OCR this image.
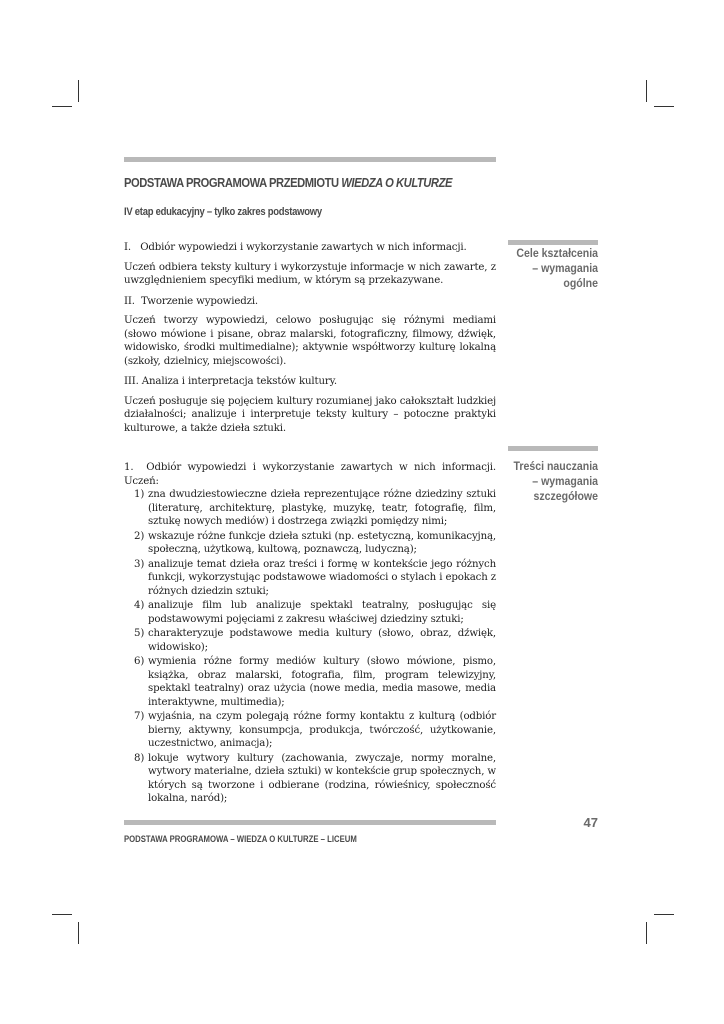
PODSTAWA PROGRAMOWA PRZEDMIOTU WIEDZA O KULTURZE
IV etap edukacyjny – tylko zakres podstawowy
Cele kształcenia
– wymagania
ogólne

I.   Odbiór wypowiedzi i wykorzystanie zawartych w nich informacji.

Uczeń odbiera teksty kultury i wykorzystuje informacje w nich zawarte, z uwzględnieniem specyfiki medium, w którym są przekazywane.

II.  Tworzenie wypowiedzi.

Uczeń tworzy wypowiedzi, celowo posługując się różnymi mediami (słowo mówione i pisane, obraz malarski, fotograficzny, filmowy, dźwięk, widowisko, środki multimedialne); aktywnie współtworzy kulturę lokalną (szkoły, dzielnicy, miejscowości).

III. Analiza i interpretacja tekstów kultury.

Uczeń posługuje się pojęciem kultury rozumianej jako całokształt ludzkiej działalności; analizuje i interpretuje teksty kultury – potoczne praktyki kulturowe, a także dzieła sztuki.

Treści nauczania
– wymagania
szczegółowe

1.  Odbiór wypowiedzi i wykorzystanie zawartych w nich informacji. Uczeń:

1) zna dwudziestowieczne dzieła reprezentujące różne dziedziny sztuki (literaturę, architekturę, plastykę, muzykę, teatr, fotografię, film, sztukę nowych mediów) i dostrzega związki pomiędzy nimi;
2) wskazuje różne funkcje dzieła sztuki (np. estetyczną, komunikacyjną, społeczną, użytkową, kultową, poznawczą, ludyczną);
3) analizuje temat dzieła oraz treści i formę w kontekście jego różnych funkcji, wykorzystując podstawowe wiadomości o stylach i epokach z różnych dziedzin sztuki;
4) analizuje film lub analizuje spektakl teatralny, posługując się podstawowymi pojęciami z zakresu właściwej dziedziny sztuki;
5) charakteryzuje podstawowe media kultury (słowo, obraz, dźwięk, widowisko);
6) wymienia różne formy mediów kultury (słowo mówione, pismo, książka, obraz malarski, fotografia, film, program telewizyjny, spektakl teatralny) oraz użycia (nowe media, media masowe, media interaktywne, multimedia);
7) wyjaśnia, na czym polegają różne formy kontaktu z kulturą (odbiór bierny, aktywny, konsumpcja, produkcja, twórczość, użytkowanie, uczestnictwo, animacja);
8) lokuje wytwory kultury (zachowania, zwyczaje, normy moralne, wytwory materialne, dzieła sztuki) w kontekście grup społecznych, w których są tworzone i odbierane (rodzina, rówieśnicy, społeczność lokalna, naród);
47
PODSTAWA PROGRAMOWA – WIEDZA O KULTURZE – LICEUM
